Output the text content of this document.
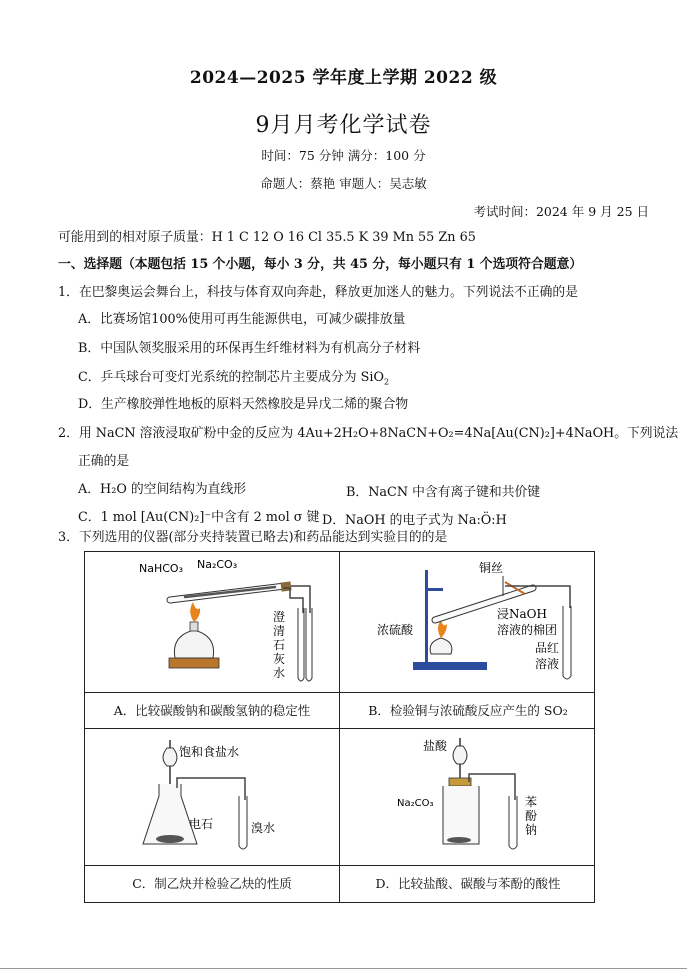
2024—2025 学年度上学期 2022 级
9月月考化学试卷
时间：75 分钟 满分：100 分
命题人：蔡艳 审题人：吴志敏
考试时间：2024 年 9 月 25 日
可能用到的相对原子质量：H 1 C 12 O 16 Cl 35.5 K 39 Mn 55 Zn 65
一、选择题（本题包括 15 个小题，每小 3 分，共 45 分，每小题只有 1 个选项符合题意）
1．在巴黎奥运会舞台上，科技与体育双向奔赴，释放更加迷人的魅力。下列说法不正确的是
A．比赛场馆100%使用可再生能源供电，可减少碳排放量
B．中国队领奖服采用的环保再生纤维材料为有机高分子材料
C．乒乓球台可变灯光系统的控制芯片主要成分为 SiO$_2$
D．生产橡胶弹性地板的原料天然橡胶是异戊二烯的聚合物
2．用 NaCN 溶液浸取矿粉中金的反应为 4Au+2H₂O+8NaCN+O₂=4Na[Au(CN)₂]+4NaOH。下列说法
正确的是
A．H₂O 的空间结构为直线形	B．NaCN 中含有离子键和共价键
C．1 mol [Au(CN)₂]⁻中含有 2 mol σ 键 D．NaOH 的电子式为 Na:Ö:H
3．下列选用的仪器(部分夹持装置已略去)和药品能达到实验目的的是
NaHCO₃ Na₂CO₃
澄
清
石
灰
水
铜丝
浓硫酸
浸NaOH
溶液的棉团
品红
溶液
A．比较碳酸钠和碳酸氢钠的稳定性	B．检验铜与浓硫酸反应产生的 SO₂
饱和食盐水
电石	溴水
盐酸
Na₂CO₃	苯
酚
钠
C．制乙炔并检验乙炔的性质	D．比较盐酸、碳酸与苯酚的酸性
